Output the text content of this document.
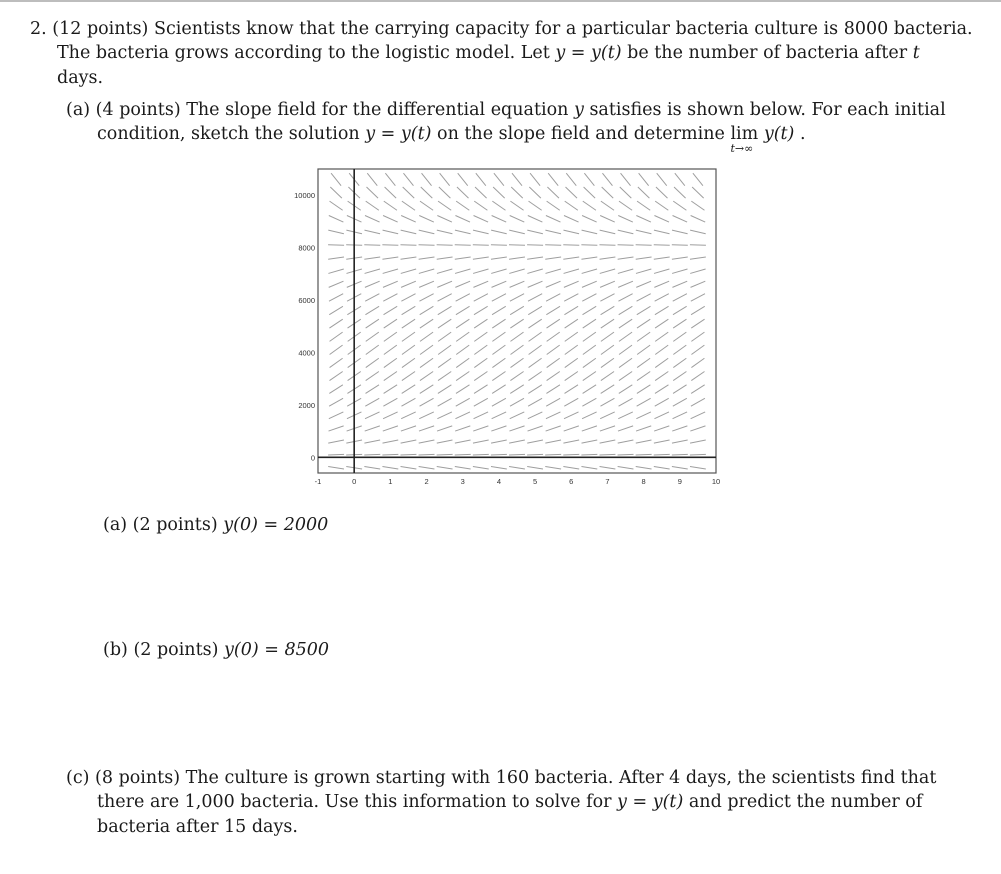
2. (12 points) Scientists know that the carrying capacity for a particular bacteria culture is 8000 bacteria.
The bacteria grows according to the logistic model. Let y = y(t) be the number of bacteria after t
days.
(a) (4 points) The slope field for the differential equation y satisfies is shown below. For each initial
condition, sketch the solution y = y(t) on the slope field and determine lim
t→∞
y(t) .
-1	0	1	2	3	4	5	6	7	8	9	10
10000
8000
6000
4000
2000
0
(a) (2 points) y(0) = 2000
(b) (2 points) y(0) = 8500
(c) (8 points) The culture is grown starting with 160 bacteria. After 4 days, the scientists find that
there are 1,000 bacteria. Use this information to solve for y = y(t) and predict the number of
bacteria after 15 days.
